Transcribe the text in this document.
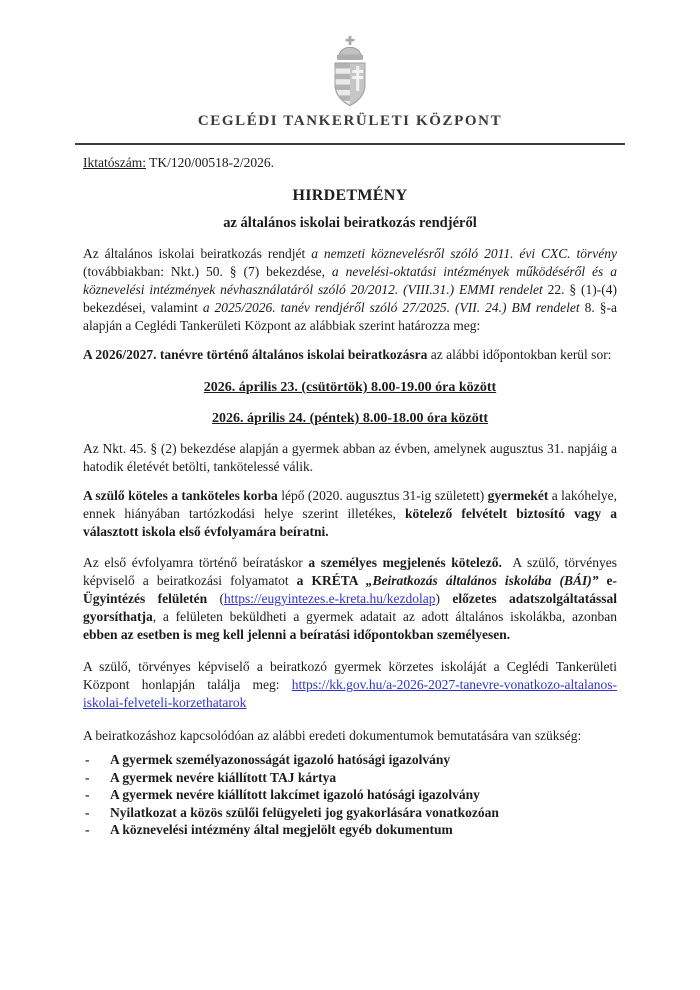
CEGLÉDI TANKERÜLETI KÖZPONT

Iktatószám: TK/120/00518-2/2026.

HIRDETMÉNY
az általános iskolai beiratkozás rendjéről

Az általános iskolai beiratkozás rendjét a nemzeti köznevelésről szóló 2011. évi CXC. törvény (továbbiakban: Nkt.) 50. § (7) bekezdése, a nevelési-oktatási intézmények működéséről és a köznevelési intézmények névhasználatáról szóló 20/2012. (VIII.31.) EMMI rendelet 22. § (1)-(4) bekezdései, valamint a 2025/2026. tanév rendjéről szóló 27/2025. (VII. 24.) BM rendelet 8. §-a alapján a Ceglédi Tankerületi Központ az alábbiak szerint határozza meg:

A 2026/2027. tanévre történő általános iskolai beiratkozásra az alábbi időpontokban kerül sor:

2026. április 23. (csütörtök) 8.00-19.00 óra között

2026. április 24. (péntek) 8.00-18.00 óra között

Az Nkt. 45. § (2) bekezdése alapján a gyermek abban az évben, amelynek augusztus 31. napjáig a hatodik életévét betölti, tankötelessé válik.

A szülő köteles a tanköteles korba lépő (2020. augusztus 31-ig született) gyermekét a lakóhelye, ennek hiányában tartózkodási helye szerint illetékes, kötelező felvételt biztosító vagy a választott iskola első évfolyamára beíratni.

Az első évfolyamra történő beíratáskor a személyes megjelenés kötelező.  A szülő, törvényes képviselő a beiratkozási folyamatot a KRÉTA „Beiratkozás általános iskolába (BÁI)” e-Ügyintézés felületén (https://eugyintezes.e-kreta.hu/kezdolap) előzetes adatszolgáltatással gyorsíthatja, a felületen beküldheti a gyermek adatait az adott általános iskolákba, azonban ebben az esetben is meg kell jelenni a beíratási időpontokban személyesen.

A szülő, törvényes képviselő a beiratkozó gyermek körzetes iskoláját a Ceglédi Tankerületi Központ honlapján találja meg: https://kk.gov.hu/a-2026-2027-tanevre-vonatkozo-altalanos-iskolai-felveteli-korzethatarok

A beiratkozáshoz kapcsolódóan az alábbi eredeti dokumentumok bemutatására van szükség:

-	A gyermek személyazonosságát igazoló hatósági igazolvány
-	A gyermek nevére kiállított TAJ kártya
-	A gyermek nevére kiállított lakcímet igazoló hatósági igazolvány
-	Nyilatkozat a közös szülői felügyeleti jog gyakorlására vonatkozóan
-	A köznevelési intézmény által megjelölt egyéb dokumentum
